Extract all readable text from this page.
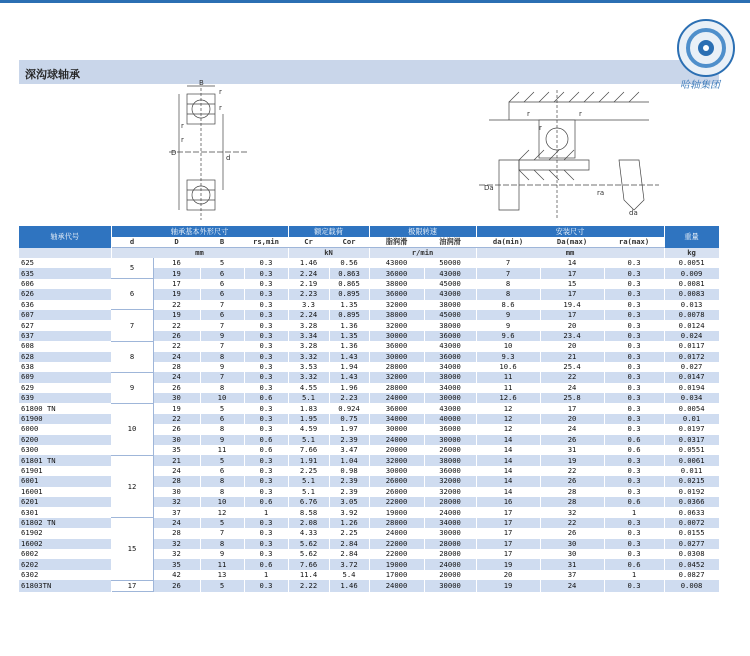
深沟球轴承
B
r
r
r
r
D
d
r	r
r
Da
ra
da
哈轴集团
轴承代号	轴承基本外形尺寸				额定载荷		极限转速		安装尺寸			重量
	d	D	B	rs,min	Cr	Cor	脂润滑	油润滑	da(min)	Da(max)	ra(max)	
	mm				kN		r/min		mm			kg
625	5	16	5	0.3	1.46	0.56	43000	50000	7	14	0.3	0.0051
635		19	6	0.3	2.24	0.863	36000	43000	7	17	0.3	0.009
606	6	17	6	0.3	2.19	0.865	38000	45000	8	15	0.3	0.0081
626		19	6	0.3	2.23	0.895	36000	43000	8	17	0.3	0.0083
636		22	7	0.3	3.3	1.35	32000	38000	8.6	19.4	0.3	0.013
607	7	19	6	0.3	2.24	0.895	38000	45000	9	17	0.3	0.0078
627		22	7	0.3	3.28	1.36	32000	38000	9	20	0.3	0.0124
637		26	9	0.3	3.34	1.35	30000	36000	9.6	23.4	0.3	0.024
608	8	22	7	0.3	3.28	1.36	36000	43000	10	20	0.3	0.0117
628		24	8	0.3	3.32	1.43	30000	36000	9.3	21	0.3	0.0172
638		28	9	0.3	3.53	1.94	28000	34000	10.6	25.4	0.3	0.027
609	9	24	7	0.3	3.32	1.43	32000	38000	11	22	0.3	0.0147
629		26	8	0.3	4.55	1.96	28000	34000	11	24	0.3	0.0194
639		30	10	0.6	5.1	2.23	24000	30000	12.6	25.8	0.3	0.034
61800 TN	10	19	5	0.3	1.83	0.924	36000	43000	12	17	0.3	0.0054
61900		22	6	0.3	1.95	0.75	34000	40000	12	20	0.3	0.01
6000		26	8	0.3	4.59	1.97	30000	36000	12	24	0.3	0.0197
6200		30	9	0.6	5.1	2.39	24000	30000	14	26	0.6	0.0317
6300		35	11	0.6	7.66	3.47	20000	26000	14	31	0.6	0.0551
61801 TN	12	21	5	0.3	1.91	1.04	32000	38000	14	19	0.3	0.0061
61901		24	6	0.3	2.25	0.98	30000	36000	14	22	0.3	0.011
6001		28	8	0.3	5.1	2.39	26000	32000	14	26	0.3	0.0215
16001		30	8	0.3	5.1	2.39	26000	32000	14	28	0.3	0.0192
6201		32	10	0.6	6.76	3.05	22000	28000	16	28	0.6	0.0366
6301		37	12	1	8.58	3.92	19000	24000	17	32	1	0.0633
61802 TN	15	24	5	0.3	2.08	1.26	28000	34000	17	22	0.3	0.0072
61902		28	7	0.3	4.33	2.25	24000	30000	17	26	0.3	0.0155
16002		32	8	0.3	5.62	2.84	22000	28000	17	30	0.3	0.0277
6002		32	9	0.3	5.62	2.84	22000	28000	17	30	0.3	0.0308
6202		35	11	0.6	7.66	3.72	19000	24000	19	31	0.6	0.0452
6302		42	13	1	11.4	5.4	17000	20000	20	37	1	0.0827
61803TN	17	26	5	0.3	2.22	1.46	24000	30000	19	24	0.3	0.008
